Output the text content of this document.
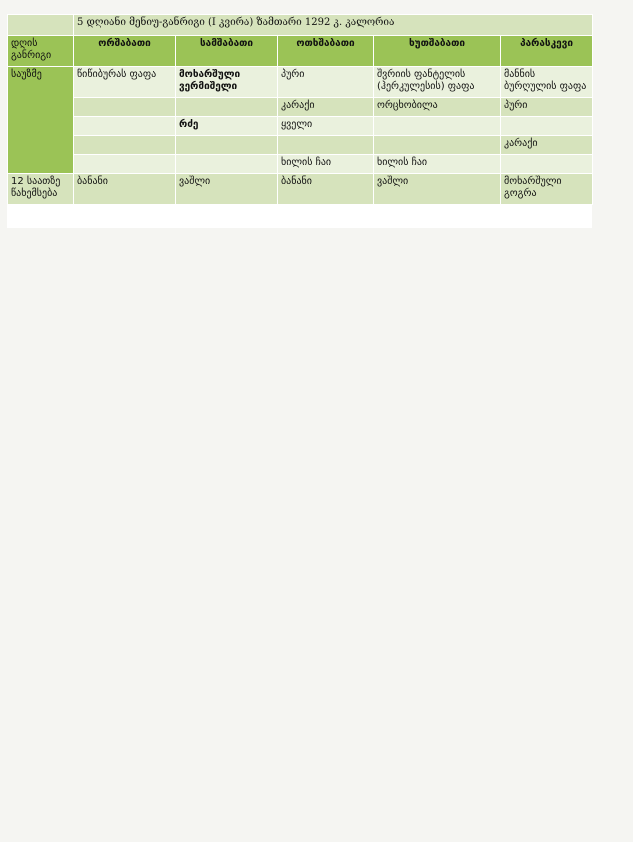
	5 დღიანი მენიუ-განრიგი (I კვირა) ზამთარი 1292 კ. კალორია				
დღის განრიგი	ორშაბათი	სამშაბათი	ოთხშაბათი	ხუთშაბათი	პარასკევი
საუზმე	წიწიბურას ფაფა	მოხარშული ვერმიშელი	პური	შვრიის ფანტელის (ჰერკულესის) ფაფა	მანნის ბურღულის ფაფა
			კარაქი	ორცხობილა	პური
		რძე	ყველი		
					კარაქი
			ხილის ჩაი	ხილის ჩაი	
12 საათზე წახემსება	ბანანი	ვაშლი	ბანანი	ვაშლი	მოხარშული გოგრა
